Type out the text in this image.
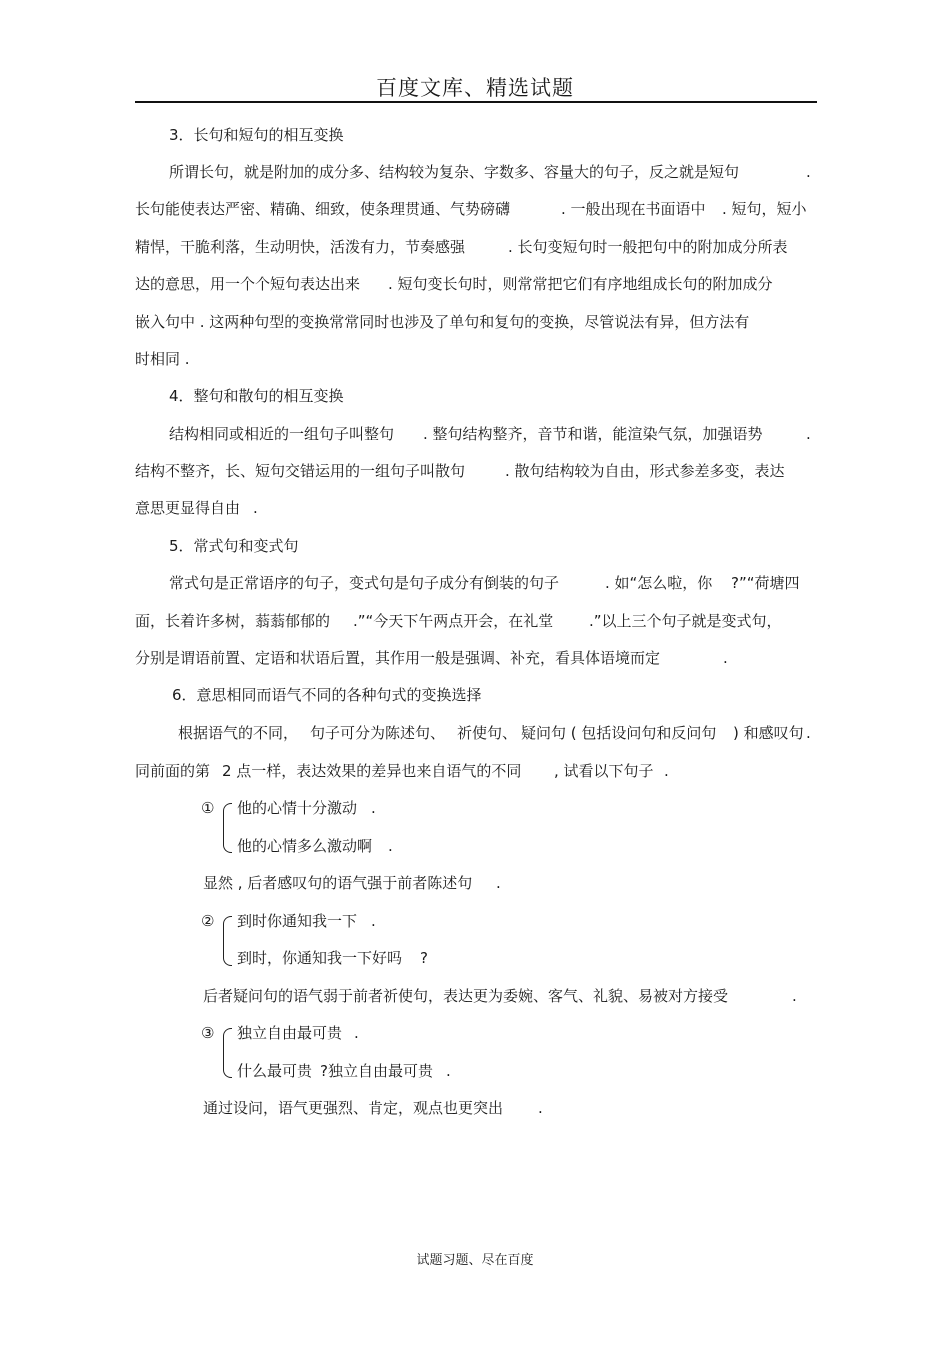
百度文库、精选试题
3．长句和短句的相互变换
所谓长句，就是附加的成分多、结构较为复杂、字数多、容量大的句子，反之就是短句	.
长句能使表达严密、精确、细致，使条理贯通、气势磅礴	. 一般出现在书面语中 . 短句，短小
精悍，干脆利落，生动明快，活泼有力，节奏感强	. 长句变短句时一般把句中的附加成分所表
达的意思，用一个个短句表达出来 . 短句变长句时，则常常把它们有序地组成长句的附加成分
嵌入句中 . 这两种句型的变换常常同时也涉及了单句和复句的变换，尽管说法有异，但方法有
时相同 .
4．整句和散句的相互变换
结构相同或相近的一组句子叫整句 . 整句结构整齐，音节和谐，能渲染气氛，加强语势	.
结构不整齐，长、短句交错运用的一组句子叫散句	. 散句结构较为自由，形式参差多变，表达
意思更显得自由 .
5．常式句和变式句
常式句是正常语序的句子，变式句是句子成分有倒装的句子	. 如“怎么啦，你 ?”“荷塘四
面，长着许多树，蓊蓊郁郁的 .”“今天下午两点开会，在礼堂 .”以上三个句子就是变式句，
分别是谓语前置、定语和状语后置，其作用一般是强调、补充，看具体语境而定	.
6．意思相同而语气不同的各种句式的变换选择
根据语气的不同， 句子可分为陈述句、 祈使句、 疑问句 ( 包括设问句和反问句 ) 和感叹句 .
同前面的第 2 点一样，表达效果的差异也来自语气的不同 , 试看以下句子 .
① 他的心情十分激动 .
他的心情多么激动啊 .
显然 , 后者感叹句的语气强于前者陈述句 .
② 到时你通知我一下 .
到时，你通知我一下好吗 ?
后者疑问句的语气弱于前者祈使句，表达更为委婉、客气、礼貌、易被对方接受	.
③ 独立自由最可贵 .
什么最可贵 ?独立自由最可贵 .
通过设问，语气更强烈、肯定，观点也更突出 .
试题习题、尽在百度
